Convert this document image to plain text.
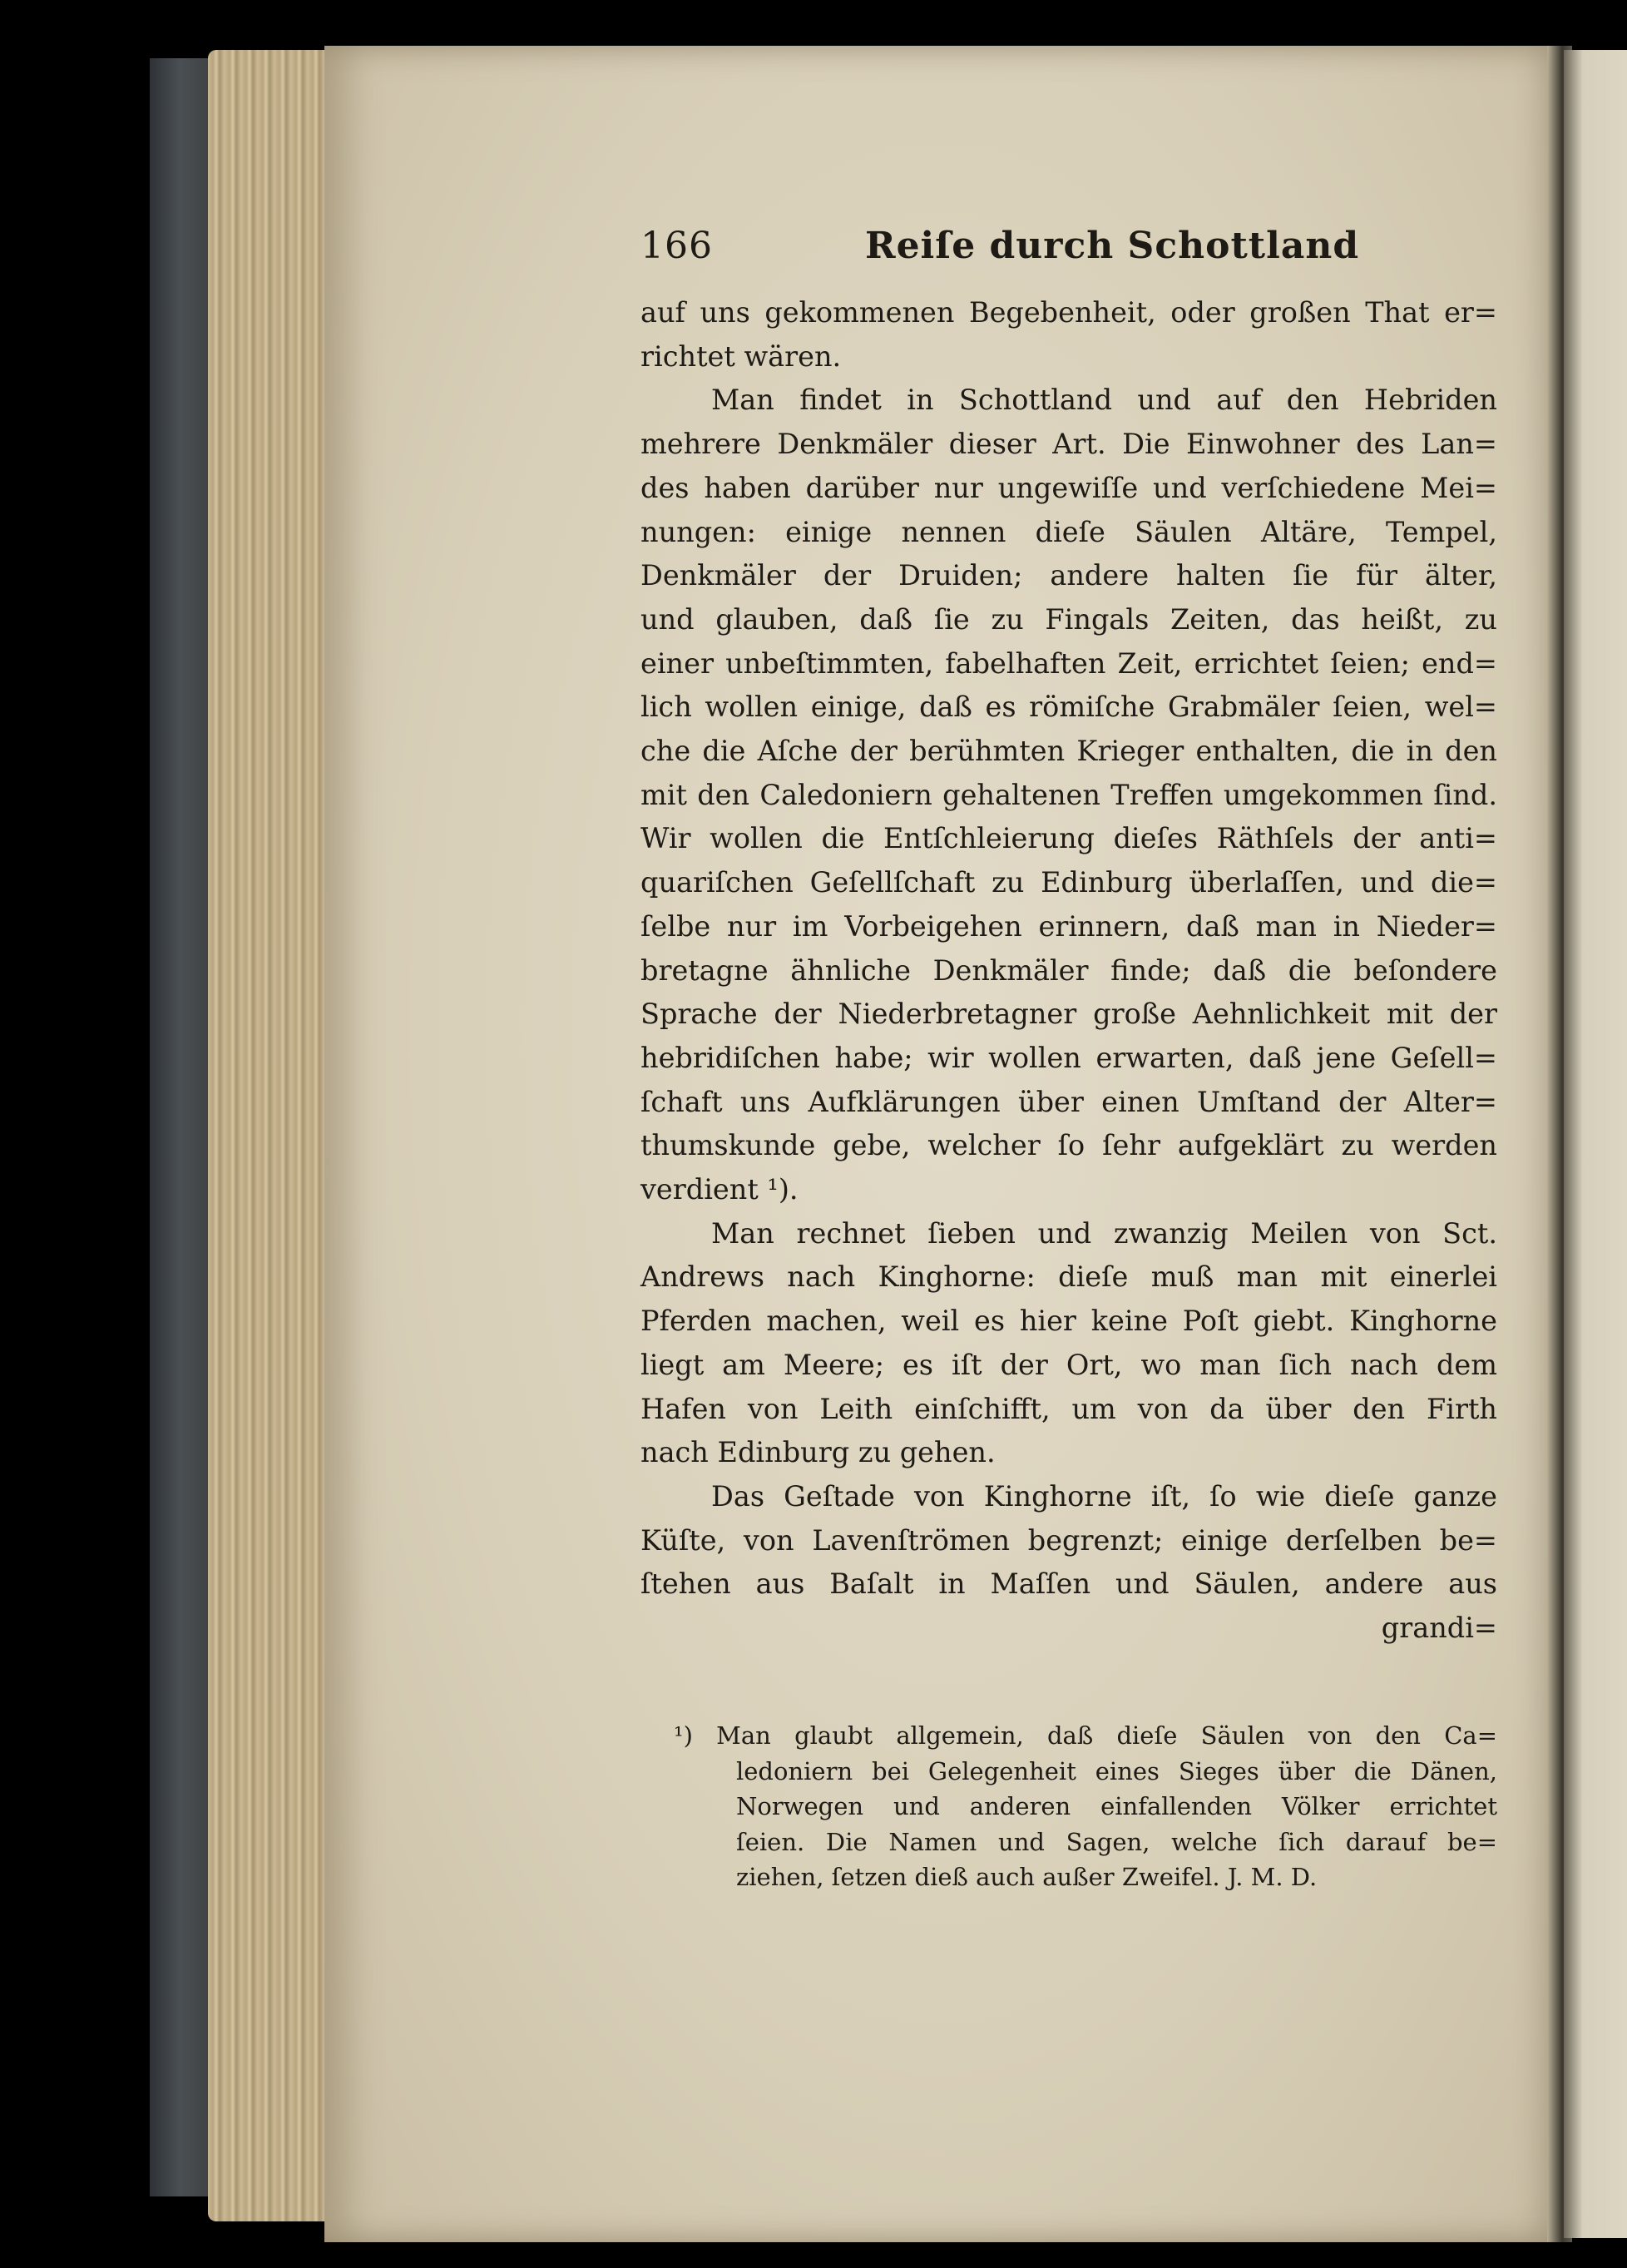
166	Reiſe durch Schottland

auf uns gekommenen Begebenheit, oder großen That er=
richtet wären.

Man findet in Schottland und auf den Hebriden
mehrere Denkmäler dieser Art. Die Einwohner des Lan=
des haben darüber nur ungewiſſe und verſchiedene Mei=
nungen: einige nennen dieſe Säulen Altäre, Tempel,
Denkmäler der Druiden; andere halten ſie für älter,
und glauben, daß ſie zu Fingals Zeiten, das heißt, zu
einer unbeſtimmten, fabelhaften Zeit, errichtet ſeien; end=
lich wollen einige, daß es römiſche Grabmäler ſeien, wel=
che die Aſche der berühmten Krieger enthalten, die in den
mit den Caledoniern gehaltenen Treffen umgekommen ſind.
Wir wollen die Entſchleierung dieſes Räthſels der anti=
quariſchen Geſellſchaft zu Edinburg überlaſſen, und die=
ſelbe nur im Vorbeigehen erinnern, daß man in Nieder=
bretagne ähnliche Denkmäler finde; daß die beſondere
Sprache der Niederbretagner große Aehnlichkeit mit der
hebridiſchen habe; wir wollen erwarten, daß jene Geſell=
ſchaft uns Aufklärungen über einen Umſtand der Alter=
thumskunde gebe, welcher ſo ſehr aufgeklärt zu werden
verdient ¹).

Man rechnet ſieben und zwanzig Meilen von Sct.
Andrews nach Kinghorne: dieſe muß man mit einerlei
Pferden machen, weil es hier keine Poſt giebt. Kinghorne
liegt am Meere; es iſt der Ort, wo man ſich nach dem
Hafen von Leith einſchifft, um von da über den Firth
nach Edinburg zu gehen.

Das Geſtade von Kinghorne iſt, ſo wie dieſe ganze
Küſte, von Lavenſtrömen begrenzt; einige derſelben be=
ſtehen aus Baſalt in Maſſen und Säulen, andere aus
grandi=

¹) Man glaubt allgemein, daß dieſe Säulen von den Ca=
ledoniern bei Gelegenheit eines Sieges über die Dänen,
Norwegen und anderen einfallenden Völker errichtet
ſeien. Die Namen und Sagen, welche ſich darauf be=
ziehen, ſetzen dieß auch außer Zweifel. J. M. D.
